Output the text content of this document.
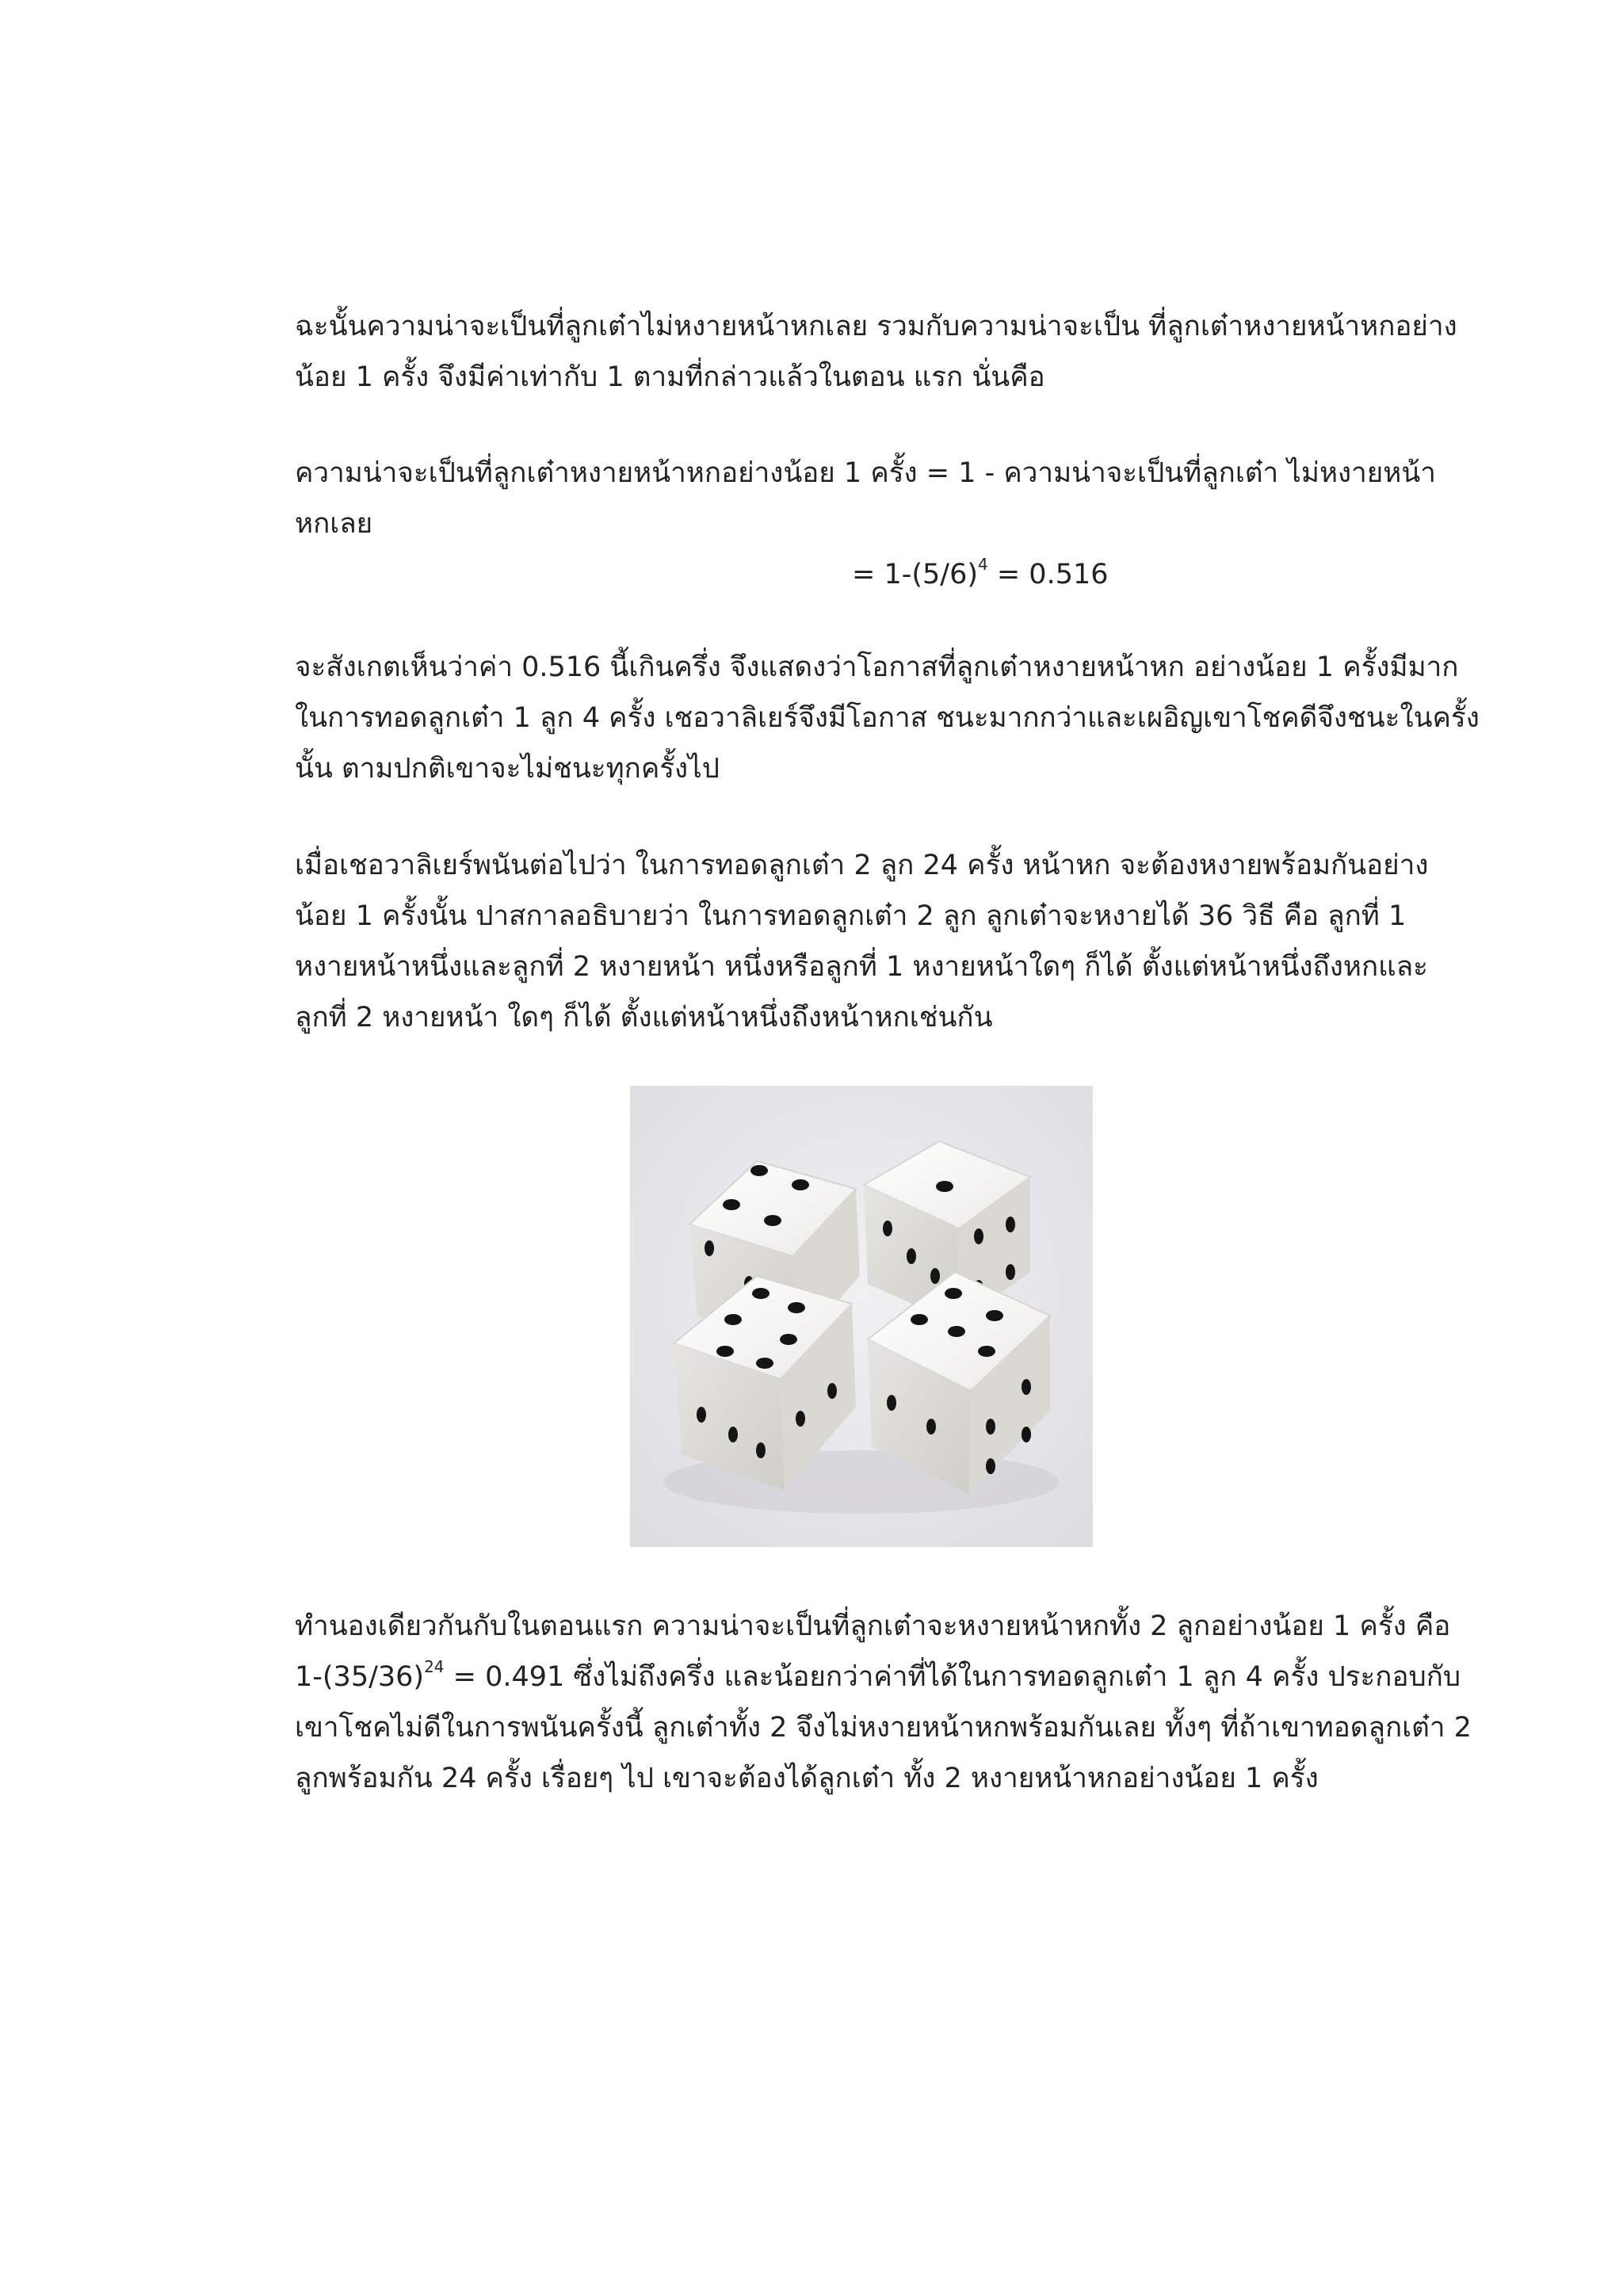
ฉะนั้นความน่าจะเป็นที่ลูกเต๋าไม่หงายหน้าหกเลย รวมกับความน่าจะเป็น ที่ลูกเต๋าหงายหน้าหกอย่าง
น้อย 1 ครั้ง จึงมีค่าเท่ากับ 1 ตามที่กล่าวแล้วในตอน แรก นั่นคือ
ความน่าจะเป็นที่ลูกเต๋าหงายหน้าหกอย่างน้อย 1 ครั้ง = 1 - ความน่าจะเป็นที่ลูกเต๋า ไม่หงายหน้า
หกเลย
= $1-(5/6)^4 = 0.516$
จะสังเกตเห็นว่าค่า 0.516 นี้เกินครึ่ง จึงแสดงว่าโอกาสที่ลูกเต๋าหงายหน้าหก อย่างน้อย 1 ครั้งมีมาก
ในการทอดลูกเต๋า 1 ลูก 4 ครั้ง เชอวาลิเยร์จึงมีโอกาส ชนะมากกว่าและเผอิญเขาโชคดีจึงชนะในครั้ง
นั้น ตามปกติเขาจะไม่ชนะทุกครั้งไป
เมื่อเชอวาลิเยร์พนันต่อไปว่า ในการทอดลูกเต๋า 2 ลูก 24 ครั้ง หน้าหก จะต้องหงายพร้อมกันอย่าง
น้อย 1 ครั้งนั้น ปาสกาลอธิบายว่า ในการทอดลูกเต๋า 2 ลูก ลูกเต๋าจะหงายได้ 36 วิธี คือ ลูกที่ 1
หงายหน้าหนึ่งและลูกที่ 2 หงายหน้า หนึ่งหรือลูกที่ 1 หงายหน้าใดๆ ก็ได้ ตั้งแต่หน้าหนึ่งถึงหกและ
ลูกที่ 2 หงายหน้า ใดๆ ก็ได้ ตั้งแต่หน้าหนึ่งถึงหน้าหกเช่นกัน
ทำนองเดียวกันกับในตอนแรก ความน่าจะเป็นที่ลูกเต๋าจะหงายหน้าหกทั้ง 2 ลูกอย่างน้อย 1 ครั้ง คือ
$1-(35/36)^{24} = 0.491$ ซึ่งไม่ถึงครึ่ง และน้อยกว่าค่าที่ได้ในการทอดลูกเต๋า 1 ลูก 4 ครั้ง ประกอบกับ
เขาโชคไม่ดีในการพนันครั้งนี้ ลูกเต๋าทั้ง 2 จึงไม่หงายหน้าหกพร้อมกันเลย ทั้งๆ ที่ถ้าเขาทอดลูกเต๋า 2
ลูกพร้อมกัน 24 ครั้ง เรื่อยๆ ไป เขาจะต้องได้ลูกเต๋า ทั้ง 2 หงายหน้าหกอย่างน้อย 1 ครั้ง
